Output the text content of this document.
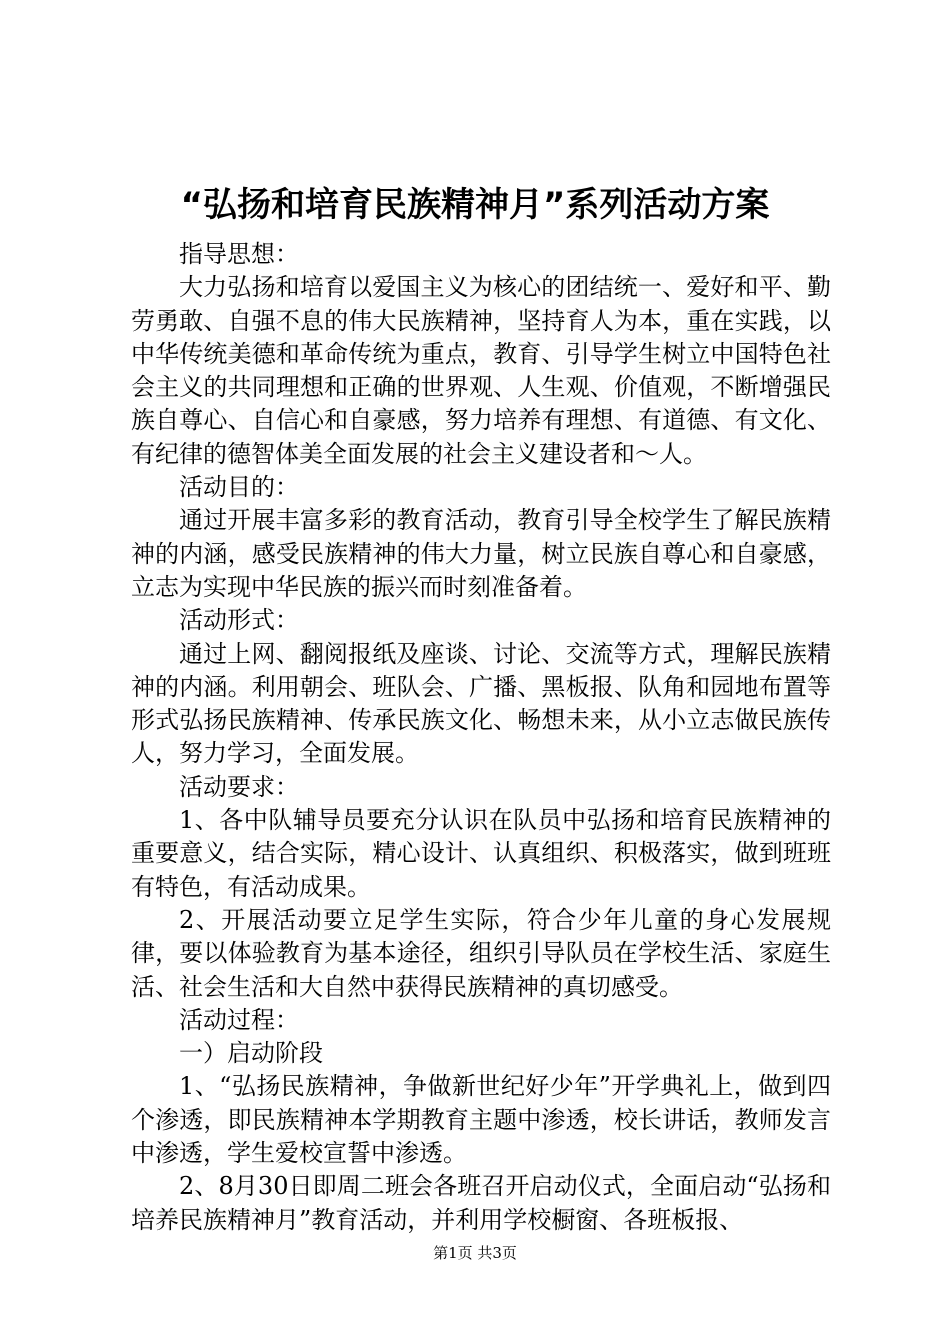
“弘扬和培育民族精神月”系列活动方案

指导思想：

大力弘扬和培育以爱国主义为核心的团结统一、爱好和平、勤劳勇敢、自强不息的伟大民族精神，坚持育人为本，重在实践，以中华传统美德和革命传统为重点，教育、引导学生树立中国特色社会主义的共同理想和正确的世界观、人生观、价值观，不断增强民族自尊心、自信心和自豪感，努力培养有理想、有道德、有文化、有纪律的德智体美全面发展的社会主义建设者和～人。

活动目的：

通过开展丰富多彩的教育活动，教育引导全校学生了解民族精神的内涵，感受民族精神的伟大力量，树立民族自尊心和自豪感，立志为实现中华民族的振兴而时刻准备着。

活动形式：

通过上网、翻阅报纸及座谈、讨论、交流等方式，理解民族精神的内涵。利用朝会、班队会、广播、黑板报、队角和园地布置等形式弘扬民族精神、传承民族文化、畅想未来，从小立志做民族传人，努力学习，全面发展。

活动要求：

1、各中队辅导员要充分认识在队员中弘扬和培育民族精神的重要意义，结合实际，精心设计、认真组织、积极落实，做到班班有特色，有活动成果。

2、开展活动要立足学生实际，符合少年儿童的身心发展规律，要以体验教育为基本途径，组织引导队员在学校生活、家庭生活、社会生活和大自然中获得民族精神的真切感受。

活动过程：

一）启动阶段

1、“弘扬民族精神，争做新世纪好少年”开学典礼上，做到四个渗透，即民族精神本学期教育主题中渗透，校长讲话，教师发言中渗透，学生爱校宣誓中渗透。

2、8月30日即周二班会各班召开启动仪式，全面启动“弘扬和培养民族精神月”教育活动，并利用学校橱窗、各班板报、

第1页 共3页
